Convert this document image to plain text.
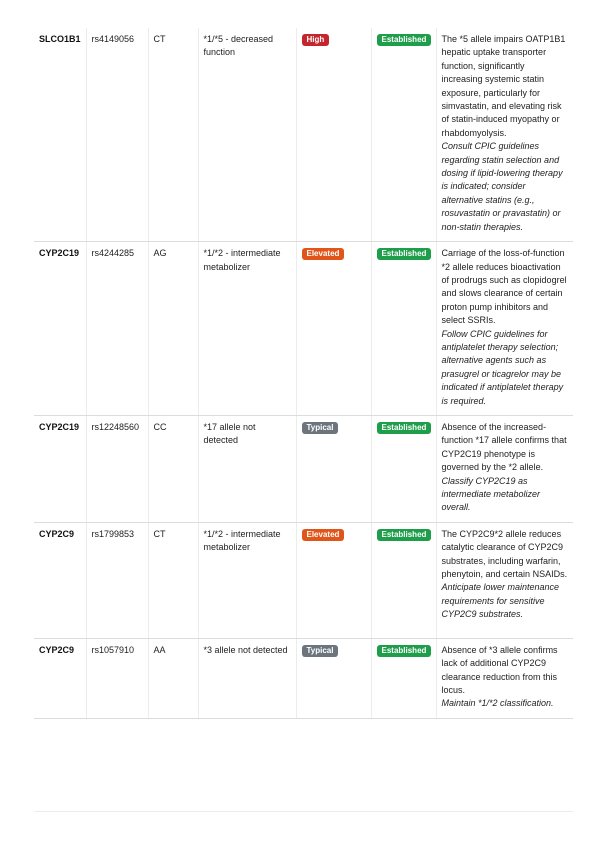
SLCO1B1	rs4149056	CT	*1/*5 - decreased function	High	Established	The *5 allele impairs OATP1B1 hepatic uptake transporter function, significantly increasing systemic statin exposure, particularly for simvastatin, and elevating risk of statin-induced myopathy or rhabdomyolysis.
Consult CPIC guidelines regarding statin selection and dosing if lipid-lowering therapy is indicated; consider alternative statins (e.g., rosuvastatin or pravastatin) or non-statin therapies.

CYP2C19	rs4244285	AG	*1/*2 - intermediate metabolizer	Elevated	Established	Carriage of the loss-of-function *2 allele reduces bioactivation of prodrugs such as clopidogrel and slows clearance of certain proton pump inhibitors and select SSRIs.
Follow CPIC guidelines for antiplatelet therapy selection; alternative agents such as prasugrel or ticagrelor may be indicated if antiplatelet therapy is required.

CYP2C19	rs12248560	CC	*17 allele not detected	Typical	Established	Absence of the increased-function *17 allele confirms that CYP2C19 phenotype is governed by the *2 allele.
Classify CYP2C19 as intermediate metabolizer overall.

CYP2C9	rs1799853	CT	*1/*2 - intermediate metabolizer	Elevated	Established	The CYP2C9*2 allele reduces catalytic clearance of CYP2C9 substrates, including warfarin, phenytoin, and certain NSAIDs.
Anticipate lower maintenance requirements for sensitive CYP2C9 substrates.

CYP2C9	rs1057910	AA	*3 allele not detected	Typical	Established	Absence of *3 allele confirms lack of additional CYP2C9 clearance reduction from this locus.
Maintain *1/*2 classification.
